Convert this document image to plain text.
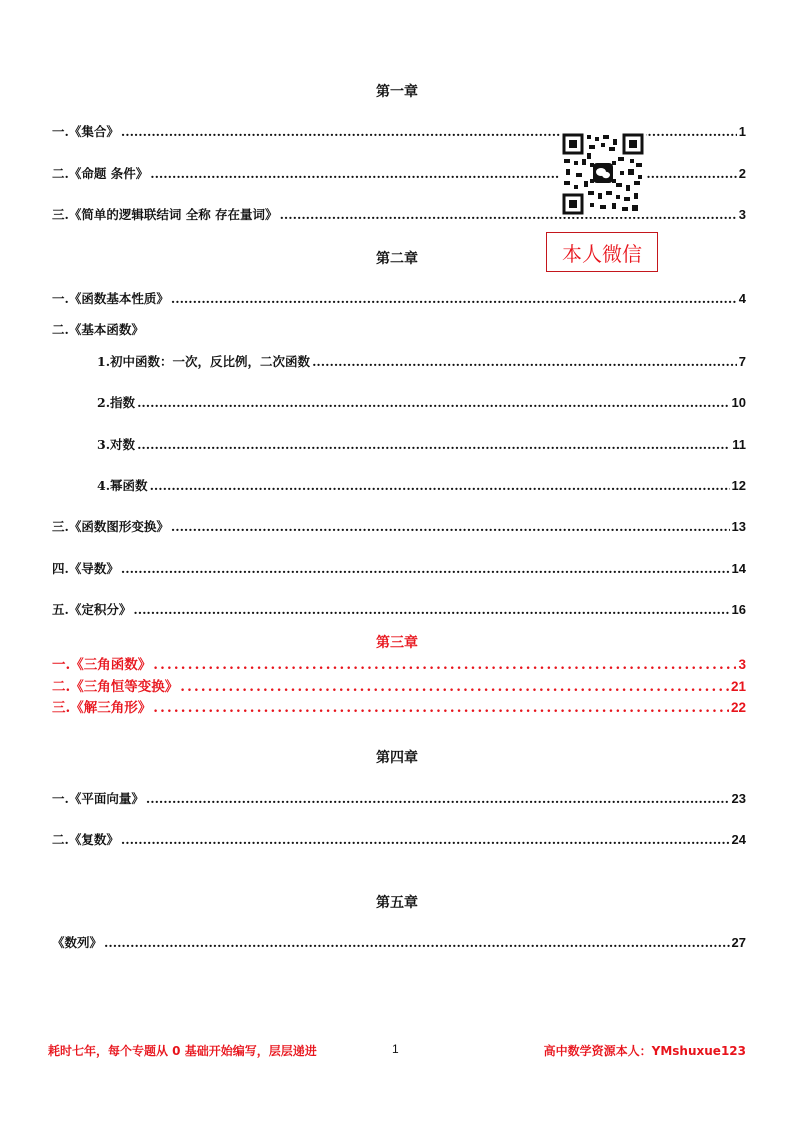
第一章
一.《集合》 .....	1
二.《命题 条件》 .....	2
三.《简单的逻辑联结词 全称 存在量词》 .....	3
本人微信
第二章
一.《函数基本性质》 .....	4
二.《基本函数》
1.初中函数：一次，反比例，二次函数 .....	7
2.指数 .....	10
3.对数 .....	11
4.幂函数 .....	12
三.《函数图形变换》 .....	13
四.《导数》 .....	14
五.《定积分》 .....	16
第三章
一.《三角函数》 .....	3
二.《三角恒等变换》 .....	21
三.《解三角形》 .....	22
第四章
一.《平面向量》 .....	23
二.《复数》 .....	24
第五章
《数列》 .....	27
耗时七年，每个专题从 0 基础开始编写，层层递进	1	高中数学资源本人：YMshuxue123
